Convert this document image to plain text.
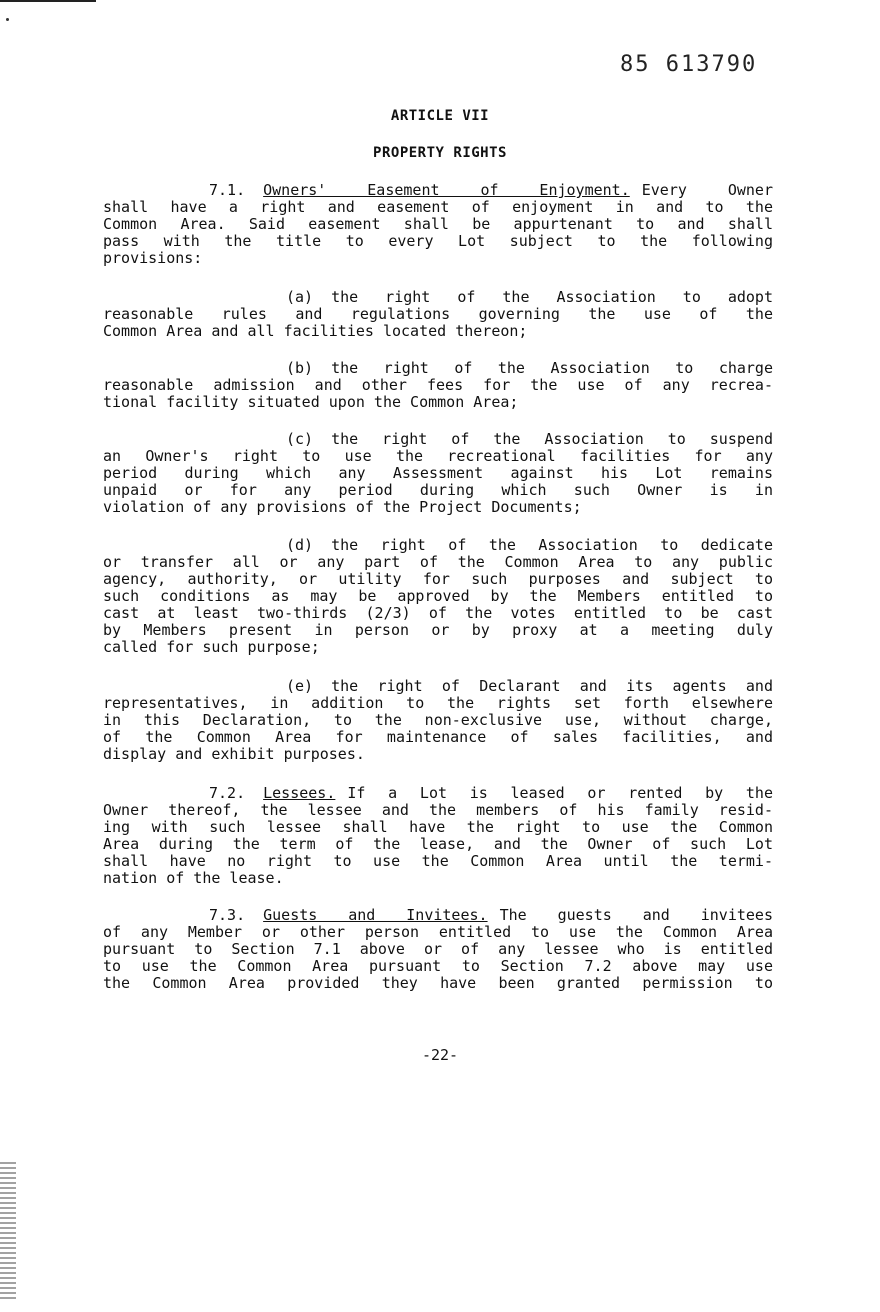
85 613790
ARTICLE VII
PROPERTY RIGHTS
7.1. Owners' Easement of Enjoyment. Every Owner
shall have a right and easement of enjoyment in and to the
Common Area. Said easement shall be appurtenant to and shall
pass with the title to every Lot subject to the following
provisions:
(a) the right of the Association to adopt
reasonable rules and regulations governing the use of the
Common Area and all facilities located thereon;
(b) the right of the Association to charge
reasonable admission and other fees for the use of any recrea-
tional facility situated upon the Common Area;
(c) the right of the Association to suspend
an Owner's right to use the recreational facilities for any
period during which any Assessment against his Lot remains
unpaid or for any period during which such Owner is in
violation of any provisions of the Project Documents;
(d) the right of the Association to dedicate
or transfer all or any part of the Common Area to any public
agency, authority, or utility for such purposes and subject to
such conditions as may be approved by the Members entitled to
cast at least two-thirds (2/3) of the votes entitled to be cast
by Members present in person or by proxy at a meeting duly
called for such purpose;
(e) the right of Declarant and its agents and
representatives, in addition to the rights set forth elsewhere
in this Declaration, to the non-exclusive use, without charge,
of the Common Area for maintenance of sales facilities, and
display and exhibit purposes.
7.2. Lessees. If a Lot is leased or rented by the
Owner thereof, the lessee and the members of his family resid-
ing with such lessee shall have the right to use the Common
Area during the term of the lease, and the Owner of such Lot
shall have no right to use the Common Area until the termi-
nation of the lease.
7.3. Guests and Invitees. The guests and invitees
of any Member or other person entitled to use the Common Area
pursuant to Section 7.1 above or of any lessee who is entitled
to use the Common Area pursuant to Section 7.2 above may use
the Common Area provided they have been granted permission to
-22-
